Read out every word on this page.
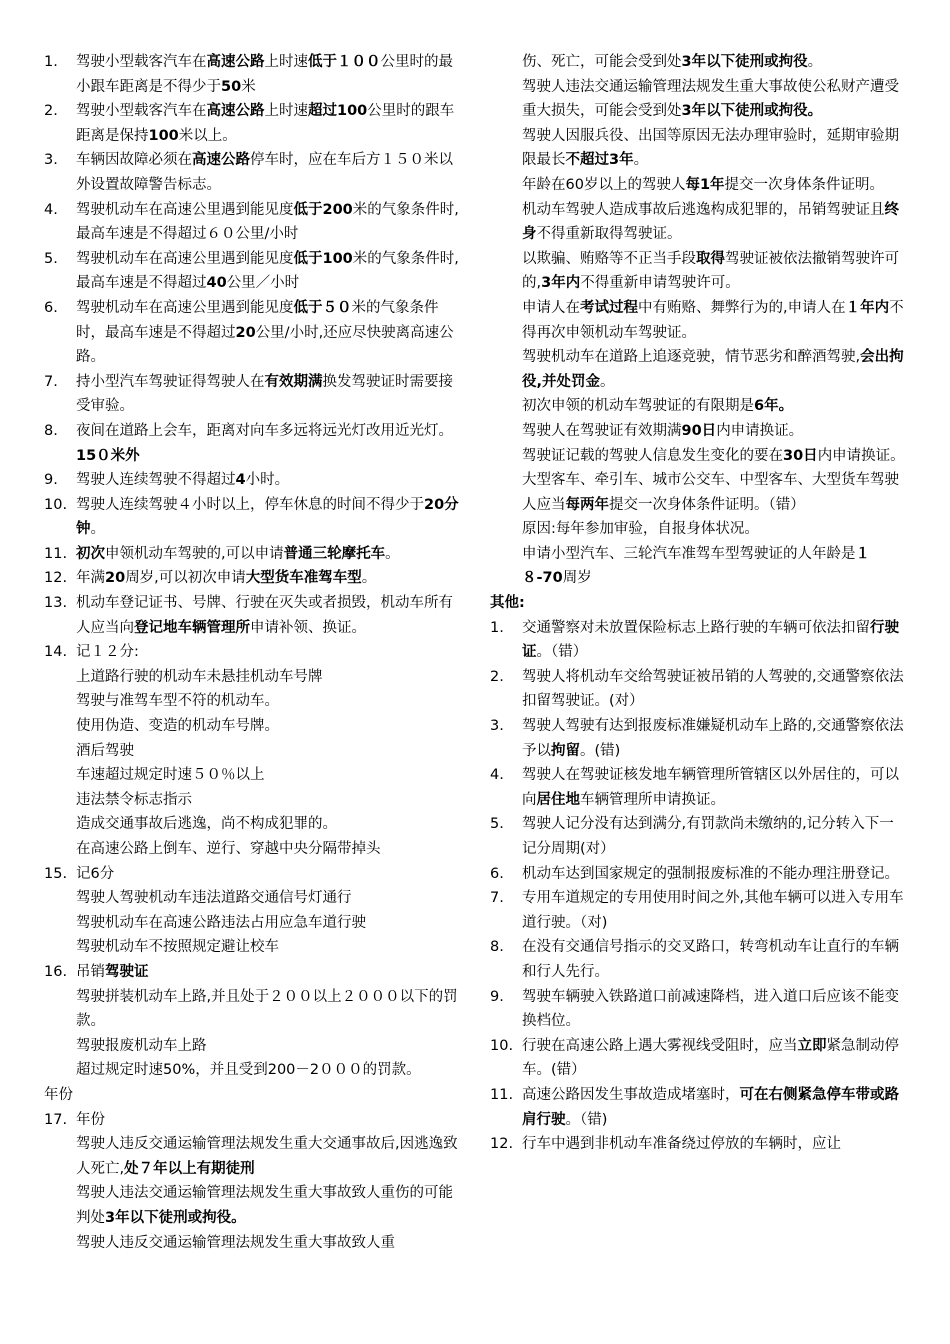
1.	驾驶小型载客汽车在高速公路上时速低于１００公里时的最小跟车距离是不得少于50米
2.	驾驶小型载客汽车在高速公路上时速超过100公里时的跟车距离是保持100米以上。
3.	车辆因故障必须在高速公路停车时，应在车后方１５０米以外设置故障警告标志。
4.	驾驶机动车在高速公里遇到能见度低于200米的气象条件时,最高车速是不得超过６０公里/小时
5.	驾驶机动车在高速公里遇到能见度低于100米的气象条件时,最高车速是不得超过40公里／小时
6.	驾驶机动车在高速公里遇到能见度低于５０米的气象条件时，最高车速是不得超过20公里/小时,还应尽快驶离高速公路。
7.	持小型汽车驾驶证得驾驶人在有效期满换发驾驶证时需要接受审验。
8.	夜间在道路上会车，距离对向车多远将远光灯改用近光灯。15０米外
9.	驾驶人连续驾驶不得超过4小时。
10. 驾驶人连续驾驶４小时以上，停车休息的时间不得少于20分钟。
11. 初次申领机动车驾驶的,可以申请普通三轮摩托车。
12. 年满20周岁,可以初次申请大型货车准驾车型。
13. 机动车登记证书、号牌、行驶在灭失或者损毁，机动车所有人应当向登记地车辆管理所申请补领、换证。
14. 记１２分:
上道路行驶的机动车未悬挂机动车号牌
驾驶与准驾车型不符的机动车。
使用伪造、变造的机动车号牌。
酒后驾驶
车速超过规定时速５０％以上
违法禁令标志指示
造成交通事故后逃逸，尚不构成犯罪的。
在高速公路上倒车、逆行、穿越中央分隔带掉头
15. 记6分
驾驶人驾驶机动车违法道路交通信号灯通行
驾驶机动车在高速公路违法占用应急车道行驶
驾驶机动车不按照规定避让校车
16. 吊销驾驶证
驾驶拼装机动车上路,并且处于２００以上２０００以下的罚款。
驾驶报废机动车上路
超过规定时速50%，并且受到200－2０００的罚款。
年份
17. 年份
驾驶人违反交通运输管理法规发生重大交通事故后,因逃逸致人死亡,处７年以上有期徒刑
驾驶人违法交通运输管理法规发生重大事故致人重伤的可能判处3年以下徒刑或拘役。
驾驶人违反交通运输管理法规发生重大事故致人重
伤、死亡，可能会受到处3年以下徒刑或拘役。
驾驶人违法交通运输管理法规发生重大事故使公私财产遭受重大损失，可能会受到处3年以下徒刑或拘役。
驾驶人因服兵役、出国等原因无法办理审验时，延期审验期限最长不超过3年。
年龄在60岁以上的驾驶人每1年提交一次身体条件证明。
机动车驾驶人造成事故后逃逸构成犯罪的，吊销驾驶证且终身不得重新取得驾驶证。
以欺骗、贿赂等不正当手段取得驾驶证被依法撤销驾驶许可的,3年内不得重新申请驾驶许可。
申请人在考试过程中有贿赂、舞弊行为的,申请人在１年内不得再次申领机动车驾驶证。
驾驶机动车在道路上追逐竞驶，情节恶劣和醉酒驾驶,会出拘役,并处罚金。
初次申领的机动车驾驶证的有限期是6年。
驾驶人在驾驶证有效期满90日内申请换证。
驾驶证记载的驾驶人信息发生变化的要在30日内申请换证。
大型客车、牵引车、城市公交车、中型客车、大型货车驾驶人应当每两年提交一次身体条件证明。（错）
原因:每年参加审验，自报身体状况。
申请小型汽车、三轮汽车准驾车型驾驶证的人年龄是１８-70周岁
其他:
1.	交通警察对未放置保险标志上路行驶的车辆可依法扣留行驶证。（错）
2.	驾驶人将机动车交给驾驶证被吊销的人驾驶的,交通警察依法扣留驾驶证。(对）
3.	驾驶人驾驶有达到报废标准嫌疑机动车上路的,交通警察依法予以拘留。(错)
4.	驾驶人在驾驶证核发地车辆管理所管辖区以外居住的，可以向居住地车辆管理所申请换证。
5.	驾驶人记分没有达到满分,有罚款尚未缴纳的,记分转入下一记分周期(对）
6.	机动车达到国家规定的强制报废标准的不能办理注册登记。
7.	专用车道规定的专用使用时间之外,其他车辆可以进入专用车道行驶。（对)
8.	在没有交通信号指示的交叉路口，转弯机动车让直行的车辆和行人先行。
9.	驾驶车辆驶入铁路道口前减速降档，进入道口后应该不能变换档位。
10. 行驶在高速公路上遇大雾视线受阻时，应当立即紧急制动停车。(错）
11. 高速公路因发生事故造成堵塞时，可在右侧紧急停车带或路肩行驶。（错)
12. 行车中遇到非机动车准备绕过停放的车辆时，应让
